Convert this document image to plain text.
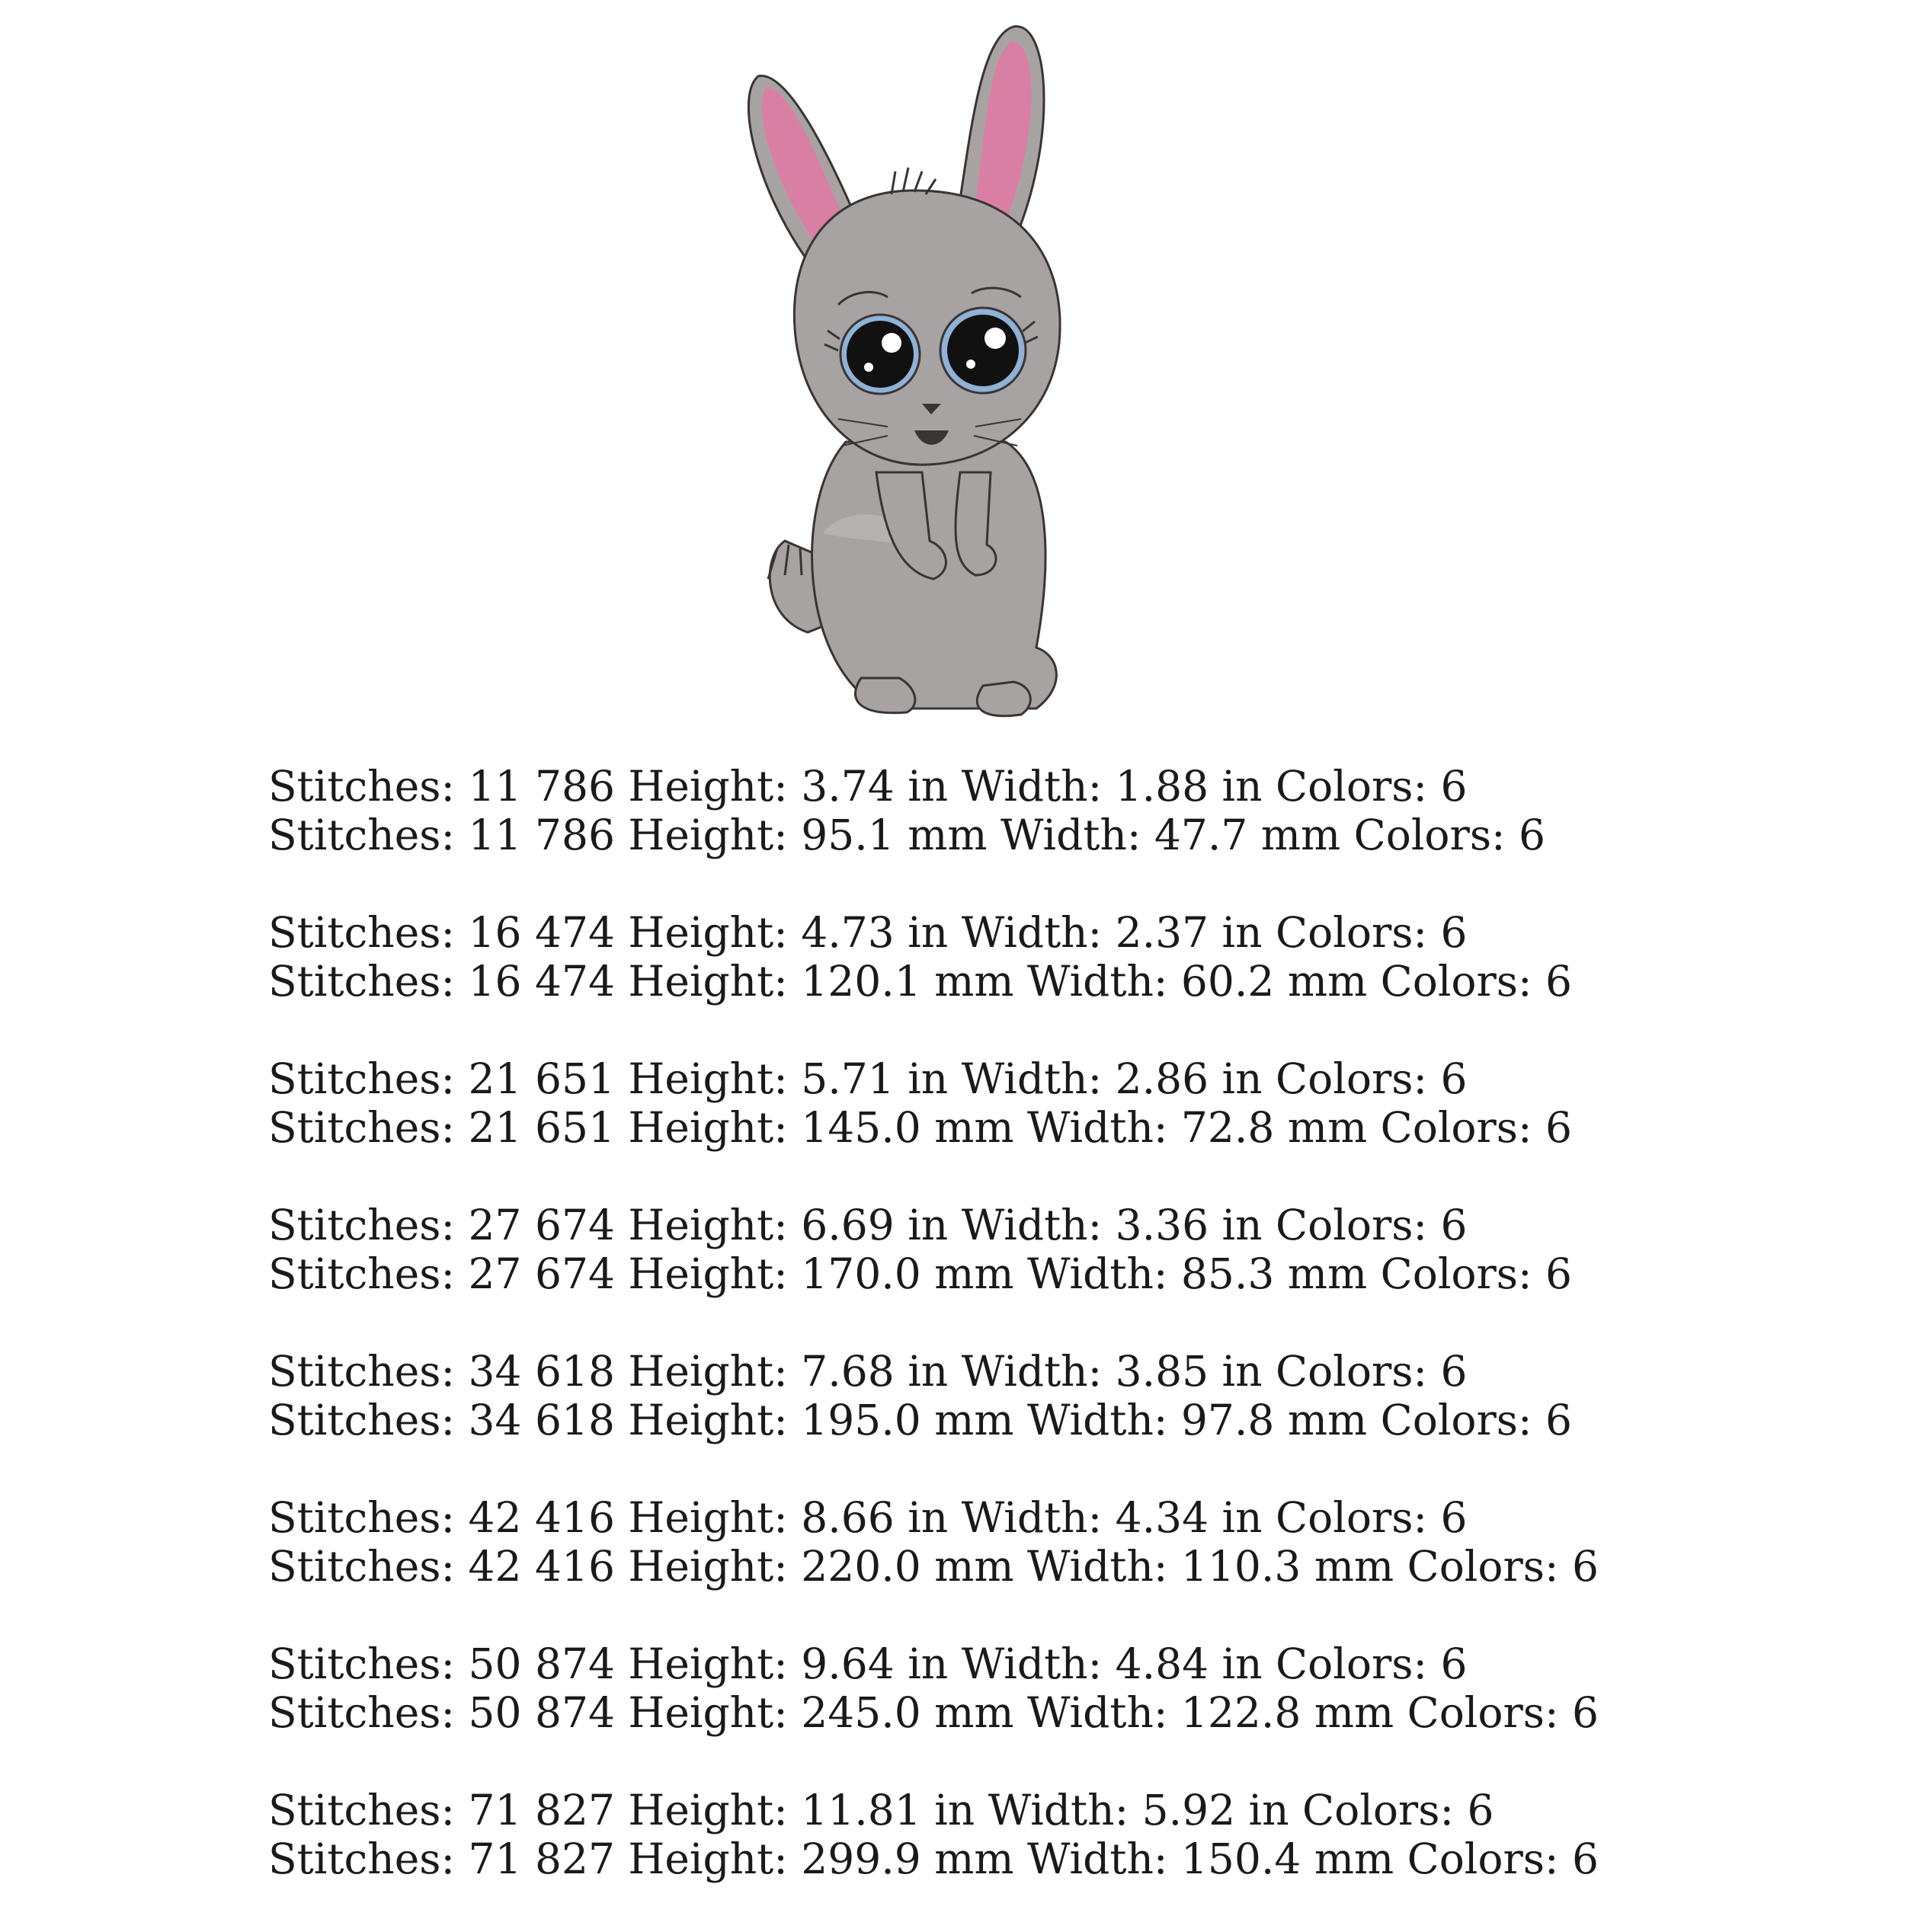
Stitches: 11 786 Height: 3.74 in Width: 1.88 in Colors: 6
Stitches: 11 786 Height: 95.1 mm Width: 47.7 mm Colors: 6
Stitches: 16 474 Height: 4.73 in Width: 2.37 in Colors: 6
Stitches: 16 474 Height: 120.1 mm Width: 60.2 mm Colors: 6
Stitches: 21 651 Height: 5.71 in Width: 2.86 in Colors: 6
Stitches: 21 651 Height: 145.0 mm Width: 72.8 mm Colors: 6
Stitches: 27 674 Height: 6.69 in Width: 3.36 in Colors: 6
Stitches: 27 674 Height: 170.0 mm Width: 85.3 mm Colors: 6
Stitches: 34 618 Height: 7.68 in Width: 3.85 in Colors: 6
Stitches: 34 618 Height: 195.0 mm Width: 97.8 mm Colors: 6
Stitches: 42 416 Height: 8.66 in Width: 4.34 in Colors: 6
Stitches: 42 416 Height: 220.0 mm Width: 110.3 mm Colors: 6
Stitches: 50 874 Height: 9.64 in Width: 4.84 in Colors: 6
Stitches: 50 874 Height: 245.0 mm Width: 122.8 mm Colors: 6
Stitches: 71 827 Height: 11.81 in Width: 5.92 in Colors: 6
Stitches: 71 827 Height: 299.9 mm Width: 150.4 mm Colors: 6
